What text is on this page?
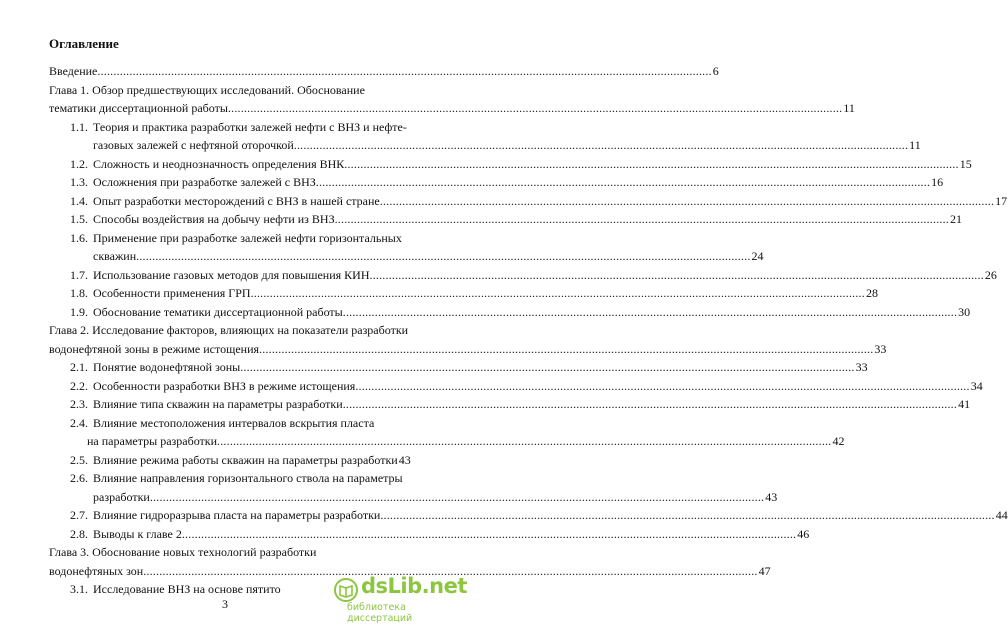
Оглавление
Введение .....	6
Глава 1. Обзор предшествующих исследований. Обоснование
тематики диссертационной работы .....	11
1.1. Теория и практика разработки залежей нефти с ВНЗ и нефте-
газовых залежей с нефтяной оторочкой .....	11
1.2. Сложность и неоднозначность определения ВНК .....	15
1.3. Осложнения при разработке залежей с ВНЗ .....	16
1.4. Опыт разработки месторождений с ВНЗ в нашей стране .....	17
1.5. Способы воздействия на добычу нефти из ВНЗ .....	21
1.6. Применение при разработке залежей нефти горизонтальных
скважин .....	24
1.7. Использование газовых методов для повышения КИН .....	26
1.8. Особенности применения ГРП .....	28
1.9. Обоснование тематики диссертационной работы .....	30
Глава 2. Исследование факторов, влияющих на показатели разработки
водонефтяной зоны в режиме истощения .....	33
2.1. Понятие водонефтяной зоны .....	33
2.2. Особенности разработки ВНЗ в режиме истощения .....	34
2.3. Влияние типа скважин на параметры разработки .....	41
2.4. Влияние местоположения интервалов вскрытия пласта
на параметры разработки .....	42
2.5. Влияние режима работы скважин на параметры разработки 43
2.6. Влияние направления горизонтального ствола на параметры
разработки .....	43
2.7. Влияние гидроразрыва пласта на параметры разработки .....	44
2.8. Выводы к главе 2 .....	46
Глава 3. Обоснование новых технологий разработки
водонефтяных зон .....	47
3.1. Исследование ВНЗ на основе пятито
3
dsLib.net
библиотека диссертаций
